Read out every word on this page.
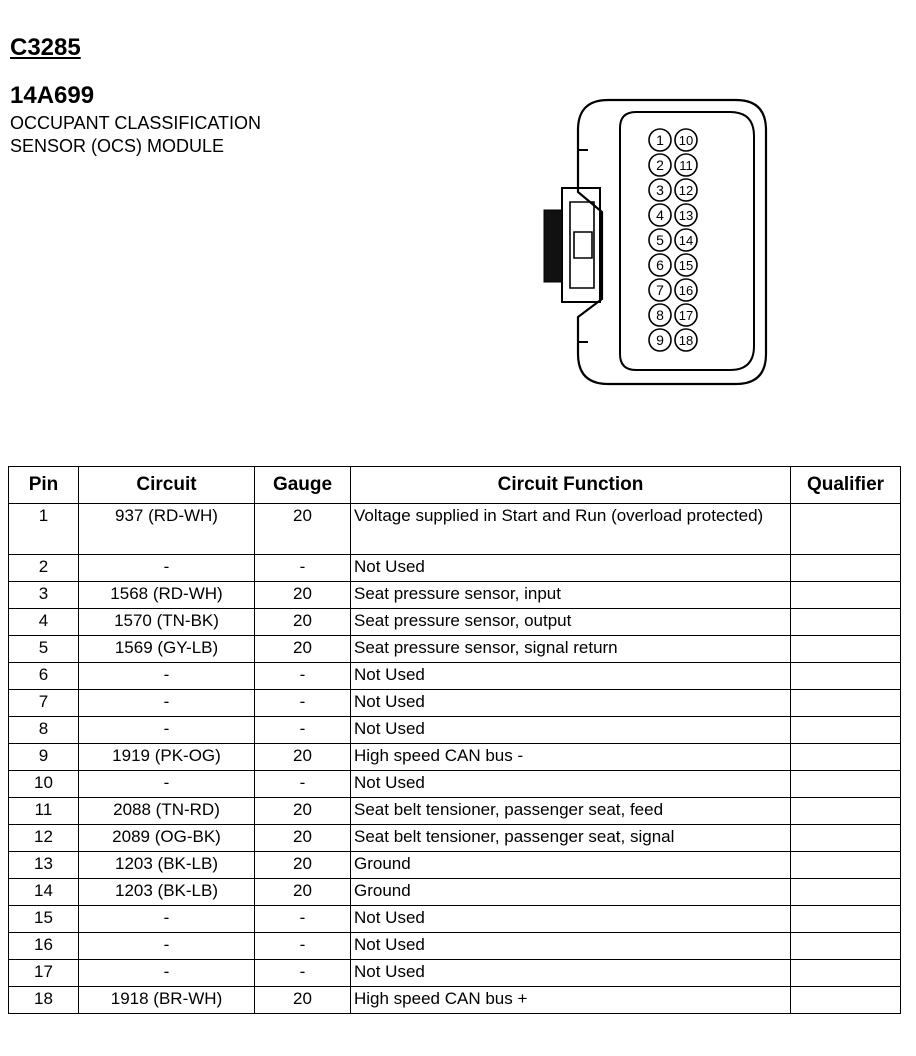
C3285
14A699
OCCUPANT CLASSIFICATION
SENSOR (OCS) MODULE	1
2
3
4
5
6
7
8
9
10
11
12
13
14
15
16
17
18
Pin	Circuit	Gauge	Circuit Function	Qualifier
1	937 (RD-WH)	20	Voltage supplied in Start and Run (overload protected)	
2	-	-	Not Used	
3	1568 (RD-WH)	20	Seat pressure sensor, input	
4	1570 (TN-BK)	20	Seat pressure sensor, output	
5	1569 (GY-LB)	20	Seat pressure sensor, signal return	
6	-	-	Not Used	
7	-	-	Not Used	
8	-	-	Not Used	
9	1919 (PK-OG)	20	High speed CAN bus -	
10	-	-	Not Used	
11	2088 (TN-RD)	20	Seat belt tensioner, passenger seat, feed	
12	2089 (OG-BK)	20	Seat belt tensioner, passenger seat, signal	
13	1203 (BK-LB)	20	Ground	
14	1203 (BK-LB)	20	Ground	
15	-	-	Not Used	
16	-	-	Not Used	
17	-	-	Not Used	
18	1918 (BR-WH)	20	High speed CAN bus +	
